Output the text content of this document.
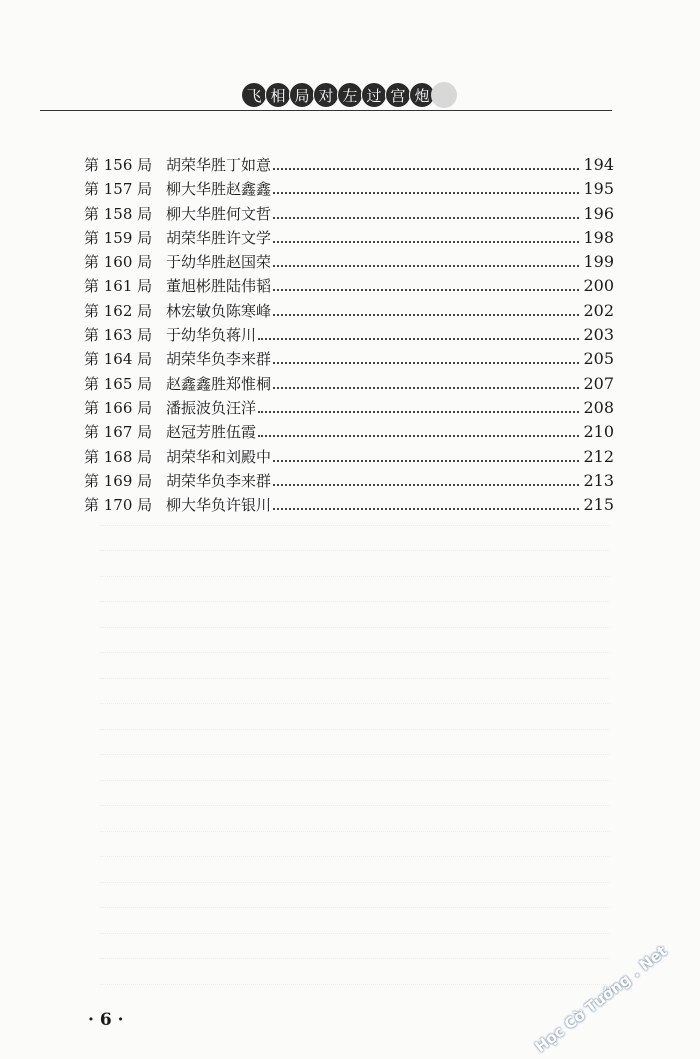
飞 相 局 对 左 过 宫 炮
第 156 局 胡荣华胜丁如意	194
第 157 局 柳大华胜赵鑫鑫	195
第 158 局 柳大华胜何文哲	196
第 159 局 胡荣华胜许文学	198
第 160 局 于幼华胜赵国荣	199
第 161 局 董旭彬胜陆伟韬	200
第 162 局 林宏敏负陈寒峰	202
第 163 局 于幼华负蒋川	203
第 164 局 胡荣华负李来群	205
第 165 局 赵鑫鑫胜郑惟桐	207
第 166 局 潘振波负汪洋	208
第 167 局 赵冠芳胜伍霞	210
第 168 局 胡荣华和刘殿中	212
第 169 局 胡荣华负李来群	213
第 170 局 柳大华负许银川	215
· 6 ·	Học Cờ Tướng . Net
